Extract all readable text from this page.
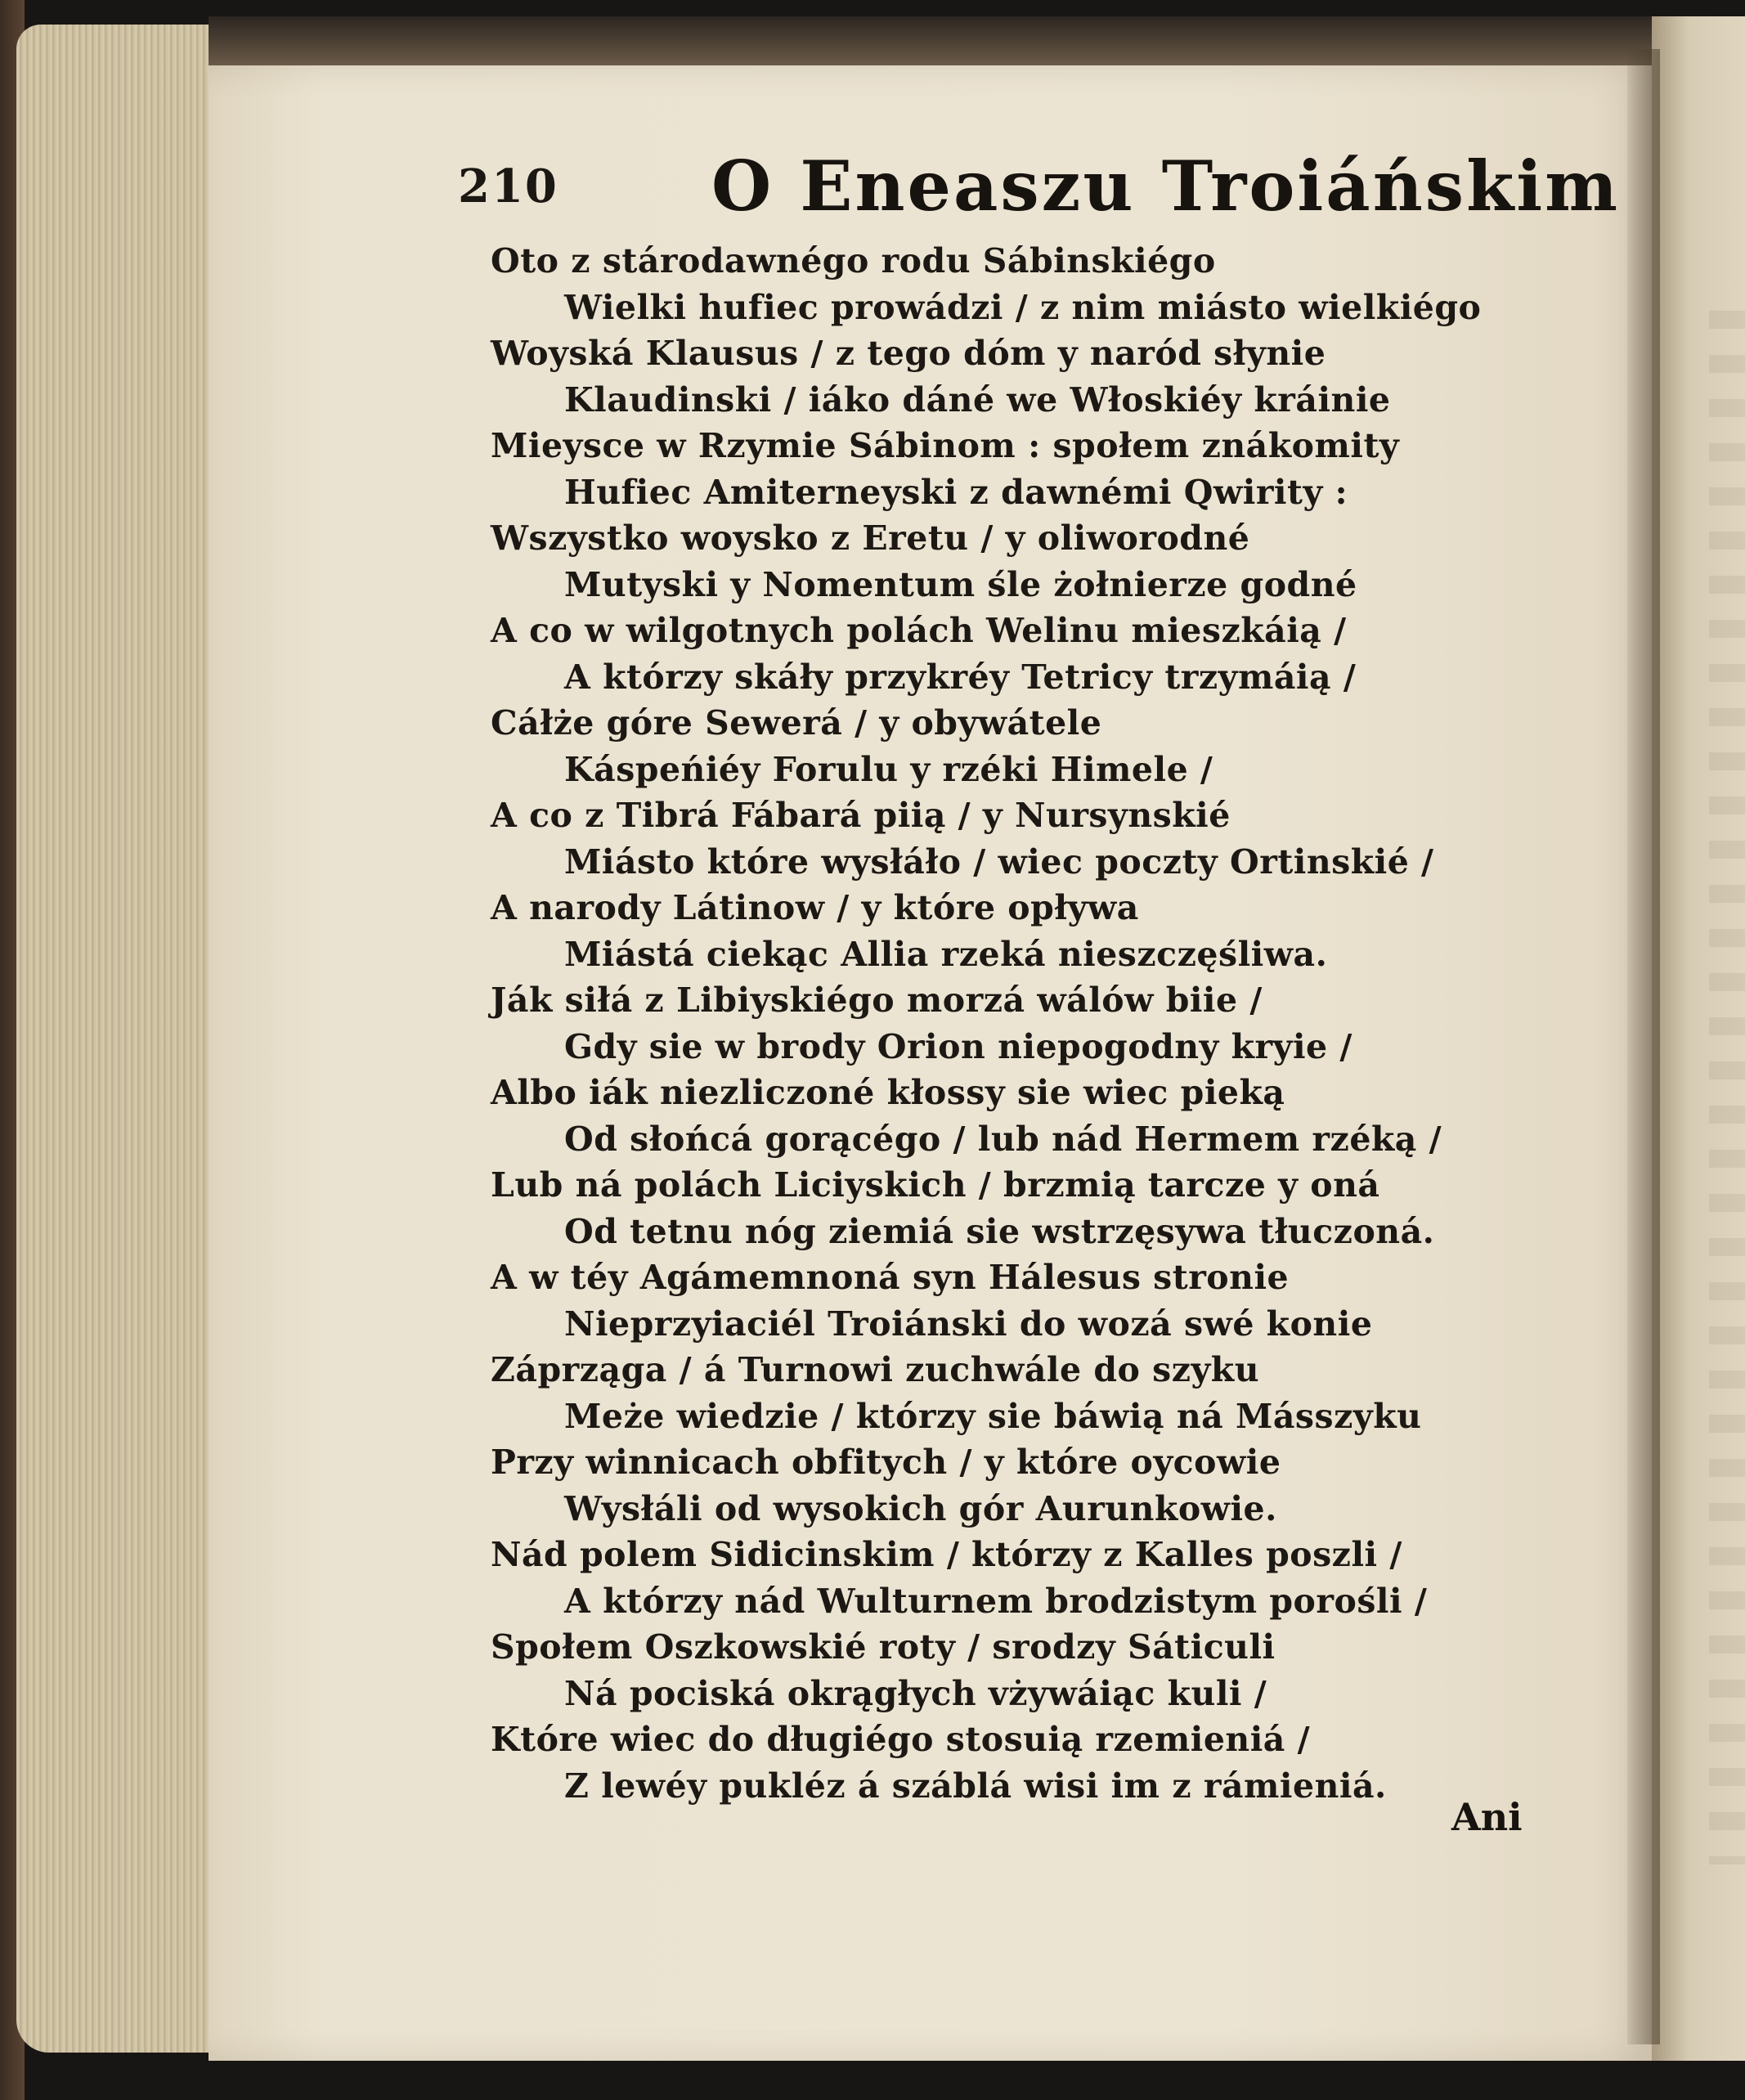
210 O Eneaszu Troiáńskim
Oto z stárodawnégo rodu Sábinskiégo
Wielki hufiec prowádzi / z nim miásto wielkiégo
Woyská Klausus / z tego dóm y naród słynie
Klaudinski / iáko dáné we Włoskiéy kráinie
Mieysce w Rzymie Sábinom : społem znákomity
Hufiec Amiterneyski z dawnémi Qwirity :
Wszystko woysko z Eretu / y oliworodné
Mutyski y Nomentum śle żołnierze godné
A co w wilgotnych polách Welinu mieszkáią /
A którzy skáły przykréy Tetricy trzymáią /
Cáłże góre Sewerá / y obywátele
Káspeńiéy Forulu y rzéki Himele /
A co z Tibrá Fábará piią / y Nursynskié
Miásto które wysłáło / wiec poczty Ortinskié /
A narody Látinow / y które opływa
Miástá ciekąc Allia rzeká nieszczęśliwa.
Ják siłá z Libiyskiégo morzá wálów biie /
Gdy sie w brody Orion niepogodny kryie /
Albo iák niezliczoné kłossy sie wiec pieką
Od słońcá gorącégo / lub nád Hermem rzéką /
Lub ná polách Liciyskich / brzmią tarcze y oná
Od tetnu nóg ziemiá sie wstrzęsywa tłuczoná.
A w téy Agámemnoná syn Hálesus stronie
Nieprzyiaciél Troiánski do wozá swé konie
Záprząga / á Turnowi zuchwále do szyku
Meże wiedzie / którzy sie báwią ná Másszyku
Przy winnicach obfitych / y które oycowie
Wysłáli od wysokich gór Aurunkowie.
Nád polem Sidicinskim / którzy z Kalles poszli /
A którzy nád Wulturnem brodzistym porośli /
Społem Oszkowskié roty / srodzy Sáticuli
Ná pociská okrągłych vżywáiąc kuli /
Które wiec do długiégo stosuią rzemieniá /
Z lewéy pukléz á száblá wisi im z rámieniá.
Ani
